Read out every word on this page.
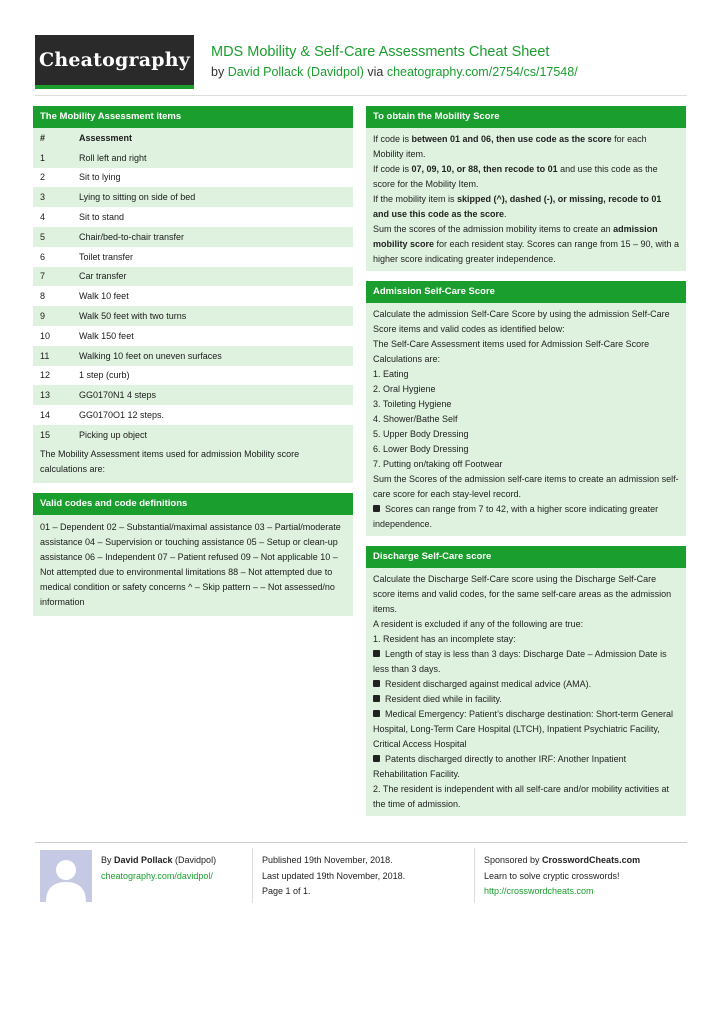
Cheatography MDS Mobility & Self-Care Assessments Cheat Sheet
by David Pollack (Davidpol) via cheatography.com/2754/cs/17548/
The Mobility Assessment items
#	Assessment
1	Roll left and right
2	Sit to lying
3	Lying to sitting on side of bed
4	Sit to stand
5	Chair/bed-to-chair transfer
6	Toilet transfer
7	Car transfer
8	Walk 10 feet
9	Walk 50 feet with two turns
10	Walk 150 feet
11	Walking 10 feet on uneven surfaces
12	1 step (curb)
13	GG0170N1 4 steps
14	GG0170O1 12 steps.
15	Picking up object
The Mobility Assessment items used for admission Mobility score calculations are:
Valid codes and code definitions
01 – Dependent 02 – Substantial/maximal assistance 03 – Partial/moderate assistance 04 – Supervision or touching assistance 05 – Setup or clean-up assistance 06 – Independent 07 – Patient refused 09 – Not applicable 10 – Not attempted due to environmental limitations 88 – Not attempted due to medical condition or safety concerns ^ – Skip pattern – – Not assessed/no information
To obtain the Mobility Score
If code is between 01 and 06, then use code as the score for each Mobility item.
If code is 07, 09, 10, or 88, then recode to 01 and use this code as the score for the Mobility Item.
If the mobility item is skipped (^), dashed (-), or missing, recode to 01 and use this code as the score.
Sum the scores of the admission mobility items to create an admission mobility score for each resident stay. Scores can range from 15 – 90, with a higher score indicating greater independence.
Admission Self-Care Score
Calculate the admission Self-Care Score by using the admission Self-Care Score items and valid codes as identified below:
The Self-Care Assessment items used for Admission Self-Care Score Calculations are:
1. Eating
2. Oral Hygiene
3. Toileting Hygiene
4. Shower/Bathe Self
5. Upper Body Dressing
6. Lower Body Dressing
7. Putting on/taking off Footwear
Sum the Scores of the admission self-care items to create an admission self-care score for each stay-level record.
Scores can range from 7 to 42, with a higher score indicating greater independence.
Discharge Self-Care score
Calculate the Discharge Self-Care score using the Discharge Self-Care score items and valid codes, for the same self-care areas as the admission items.
A resident is excluded if any of the following are true:
1. Resident has an incomplete stay:
Length of stay is less than 3 days: Discharge Date – Admission Date is less than 3 days.
Resident discharged against medical advice (AMA).
Resident died while in facility.
Medical Emergency: Patient’s discharge destination: Short-term General Hospital, Long-Term Care Hospital (LTCH), Inpatient Psychiatric Facility, Critical Access Hospital
Patents discharged directly to another IRF: Another Inpatient Rehabilitation Facility.
2. The resident is independent with all self-care and/or mobility activities at the time of admission.
By David Pollack (Davidpol)
cheatography.com/davidpol/
Published 19th November, 2018.
Last updated 19th November, 2018.
Page 1 of 1.
Sponsored by CrosswordCheats.com
Learn to solve cryptic crosswords!
http://crosswordcheats.com
